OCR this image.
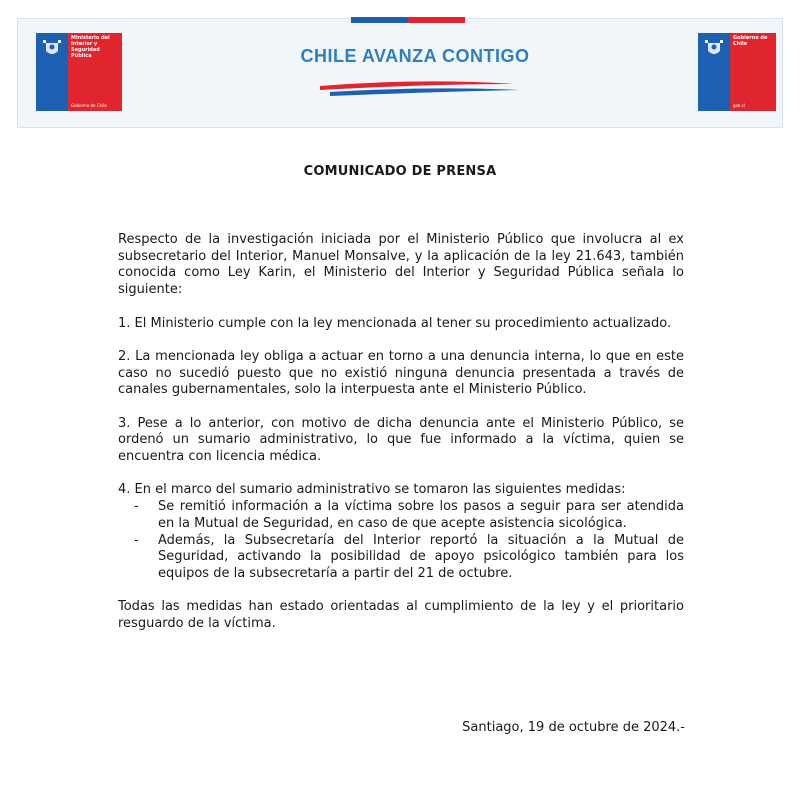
Ministerio del Interior y Seguridad Pública
Gobierno de Chile
CHILE AVANZA CONTIGO
Gobierno de Chile
gob.cl
COMUNICADO DE PRENSA

Respecto de la investigación iniciada por el Ministerio Público que involucra al ex subsecretario del Interior, Manuel Monsalve, y la aplicación de la ley 21.643, también conocida como Ley Karin, el Ministerio del Interior y Seguridad Pública señala lo siguiente:

1. El Ministerio cumple con la ley mencionada al tener su procedimiento actualizado.

2. La mencionada ley obliga a actuar en torno a una denuncia interna, lo que en este caso no sucedió puesto que no existió ninguna denuncia presentada a través de canales gubernamentales, solo la interpuesta ante el Ministerio Público.

3. Pese a lo anterior, con motivo de dicha denuncia ante el Ministerio Público, se ordenó un sumario administrativo, lo que fue informado a la víctima, quien se encuentra con licencia médica.

4. En el marco del sumario administrativo se tomaron las siguientes medidas:

- Se remitió información a la víctima sobre los pasos a seguir para ser atendida en la Mutual de Seguridad, en caso de que acepte asistencia sicológica.
- Además, la Subsecretaría del Interior reportó la situación a la Mutual de Seguridad, activando la posibilidad de apoyo psicológico también para los equipos de la subsecretaría a partir del 21 de octubre.

Todas las medidas han estado orientadas al cumplimiento de la ley y el prioritario resguardo de la víctima.

Santiago, 19 de octubre de 2024.-
